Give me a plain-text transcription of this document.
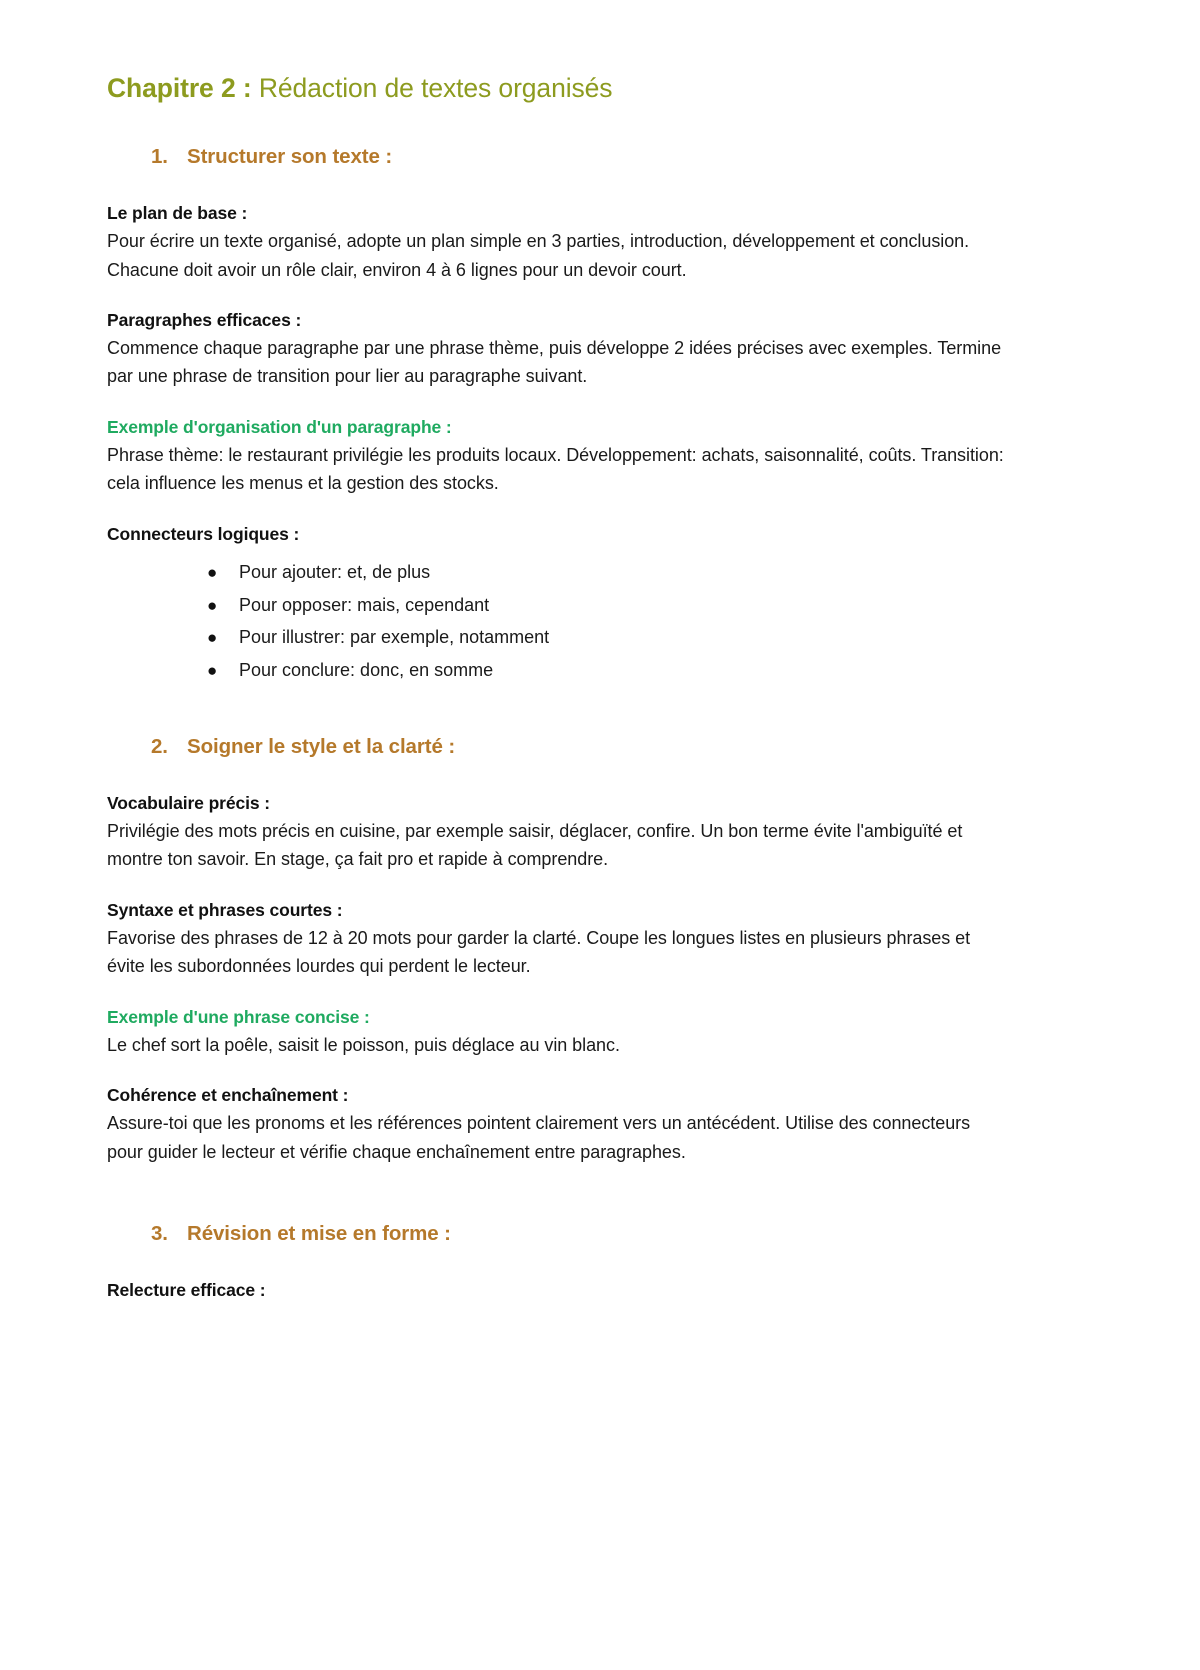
Chapitre 2 : Rédaction de textes organisés
1. Structurer son texte :
Le plan de base :

Pour écrire un texte organisé, adopte un plan simple en 3 parties, introduction, développement et conclusion. Chacune doit avoir un rôle clair, environ 4 à 6 lignes pour un devoir court.

Paragraphes efficaces :

Commence chaque paragraphe par une phrase thème, puis développe 2 idées précises avec exemples. Termine par une phrase de transition pour lier au paragraphe suivant.

Exemple d'organisation d'un paragraphe :

Phrase thème: le restaurant privilégie les produits locaux. Développement: achats, saisonnalité, coûts. Transition: cela influence les menus et la gestion des stocks.

Connecteurs logiques :
●	Pour ajouter: et, de plus
●	Pour opposer: mais, cependant
●	Pour illustrer: par exemple, notamment
●	Pour conclure: donc, en somme
2. Soigner le style et la clarté :
Vocabulaire précis :

Privilégie des mots précis en cuisine, par exemple saisir, déglacer, confire. Un bon terme évite l'ambiguïté et montre ton savoir. En stage, ça fait pro et rapide à comprendre.

Syntaxe et phrases courtes :

Favorise des phrases de 12 à 20 mots pour garder la clarté. Coupe les longues listes en plusieurs phrases et évite les subordonnées lourdes qui perdent le lecteur.

Exemple d'une phrase concise :

Le chef sort la poêle, saisit le poisson, puis déglace au vin blanc.

Cohérence et enchaînement :

Assure-toi que les pronoms et les références pointent clairement vers un antécédent. Utilise des connecteurs pour guider le lecteur et vérifie chaque enchaînement entre paragraphes.

3. Révision et mise en forme :
Relecture efficace :
